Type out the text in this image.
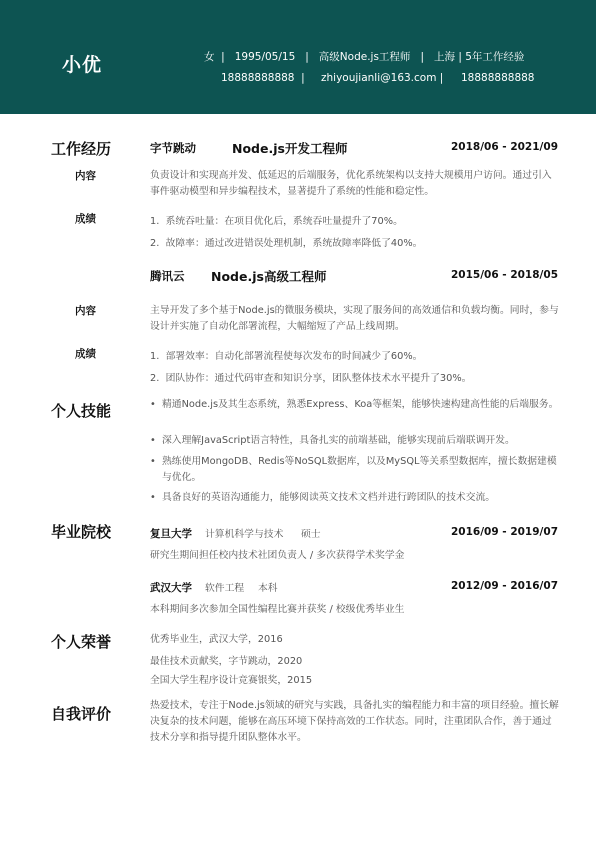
小优	女  |   1995/05/15   |   高级Node.js工程师   |   上海 | 5年工作经验

18888888888  |

zhiyoujianli@163.com |

18888888888

工作经历	字节跳动	Node.js开发工程师	2018/06 - 2021/09
内容	负责设计和实现高并发、低延迟的后端服务，优化系统架构以支持大规模用户访问。通过引入事件驱动模型和异步编程技术，显著提升了系统的性能和稳定性。
成绩	1.  系统吞吐量：在项目优化后，系统吞吐量提升了70%。
2.  故障率：通过改进错误处理机制，系统故障率降低了40%。
腾讯云 Node.js高级工程师	2015/06 - 2018/05
内容	主导开发了多个基于Node.js的微服务模块，实现了服务间的高效通信和负载均衡。同时，参与设计并实施了自动化部署流程，大幅缩短了产品上线周期。
成绩	1.  部署效率：自动化部署流程使每次发布的时间减少了60%。
2.  团队协作：通过代码审查和知识分享，团队整体技术水平提升了30%。
个人技能	• 精通Node.js及其生态系统，熟悉Express、Koa等框架，能够快速构建高性能的后端服务。
• 深入理解JavaScript语言特性，具备扎实的前端基础，能够实现前后端联调开发。
• 熟练使用MongoDB、Redis等NoSQL数据库，以及MySQL等关系型数据库，擅长数据建模与优化。
• 具备良好的英语沟通能力，能够阅读英文技术文档并进行跨团队的技术交流。
毕业院校	复旦大学 计算机科学与技术 硕士	2016/09 - 2019/07
研究生期间担任校内技术社团负责人 / 多次获得学术奖学金
武汉大学 软件工程 本科	2012/09 - 2016/07
本科期间多次参加全国性编程比赛并获奖 / 校级优秀毕业生
个人荣誉	优秀毕业生，武汉大学，2016
最佳技术贡献奖，字节跳动，2020
全国大学生程序设计竞赛银奖，2015
自我评价	热爱技术，专注于Node.js领域的研究与实践，具备扎实的编程能力和丰富的项目经验。擅长解决复杂的技术问题，能够在高压环境下保持高效的工作状态。同时，注重团队合作，善于通过技术分享和指导提升团队整体水平。
